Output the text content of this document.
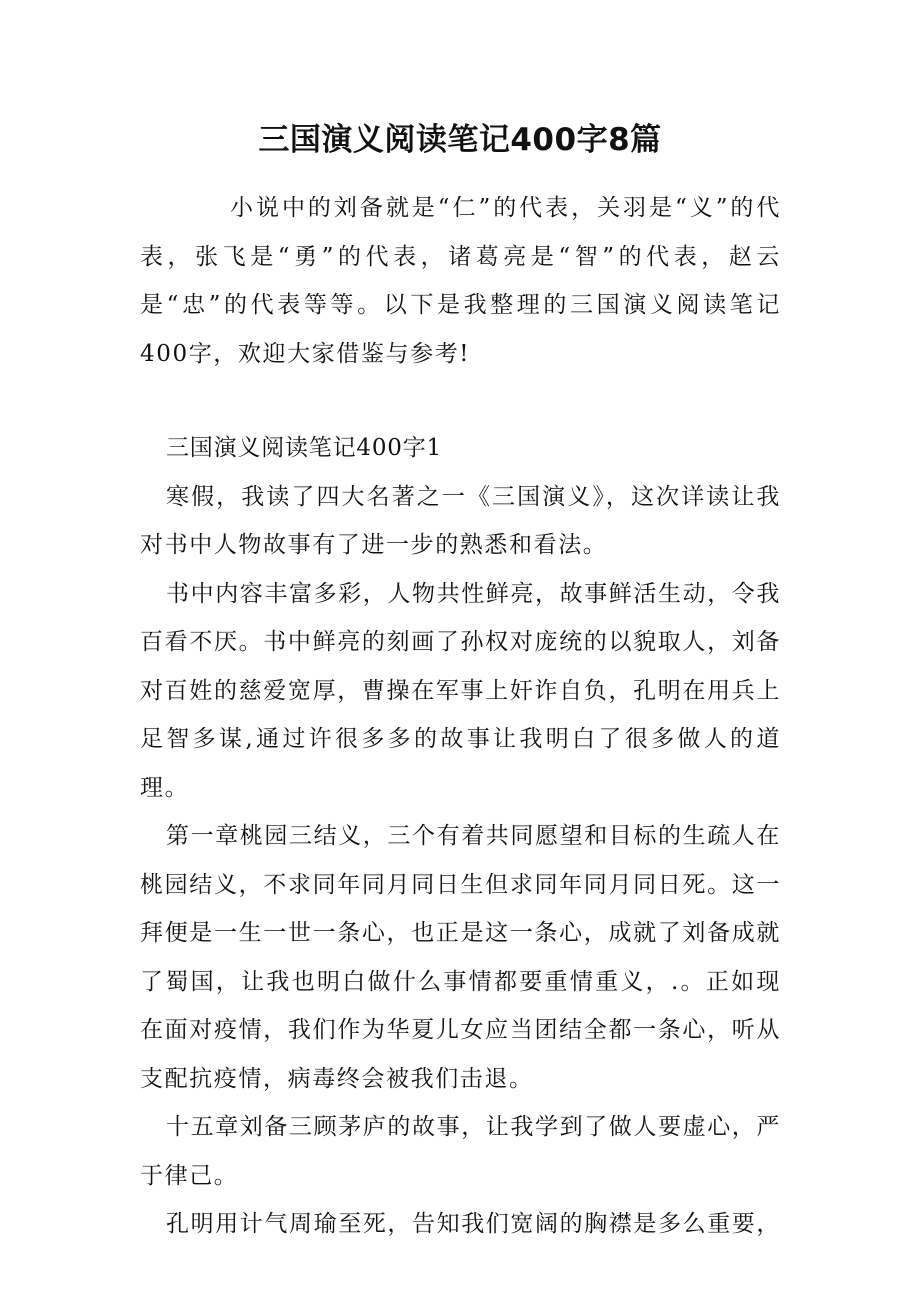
三国演义阅读笔记400字8篇

小说中的刘备就是“仁”的代表，关羽是“义”的代表，张飞是“勇”的代表，诸葛亮是“智”的代表，赵云是“忠”的代表等等。以下是我整理的三国演义阅读笔记400字，欢迎大家借鉴与参考!

三国演义阅读笔记400字1

寒假，我读了四大名著之一《三国演义》，这次详读让我对书中人物故事有了进一步的熟悉和看法。

书中内容丰富多彩，人物共性鲜亮，故事鲜活生动，令我百看不厌。书中鲜亮的刻画了孙权对庞统的以貌取人，刘备对百姓的慈爱宽厚，曹操在军事上奸诈自负，孔明在用兵上足智多谋,通过许很多多的故事让我明白了很多做人的道理。

第一章桃园三结义，三个有着共同愿望和目标的生疏人在桃园结义，不求同年同月同日生但求同年同月同日死。这一拜便是一生一世一条心，也正是这一条心，成就了刘备成就了蜀国，让我也明白做什么事情都要重情重义，.。正如现在面对疫情，我们作为华夏儿女应当团结全都一条心，听从支配抗疫情，病毒终会被我们击退。

十五章刘备三顾茅庐的故事，让我学到了做人要虚心，严于律己。

孔明用计气周瑜至死，告知我们宽阔的胸襟是多么重要，
